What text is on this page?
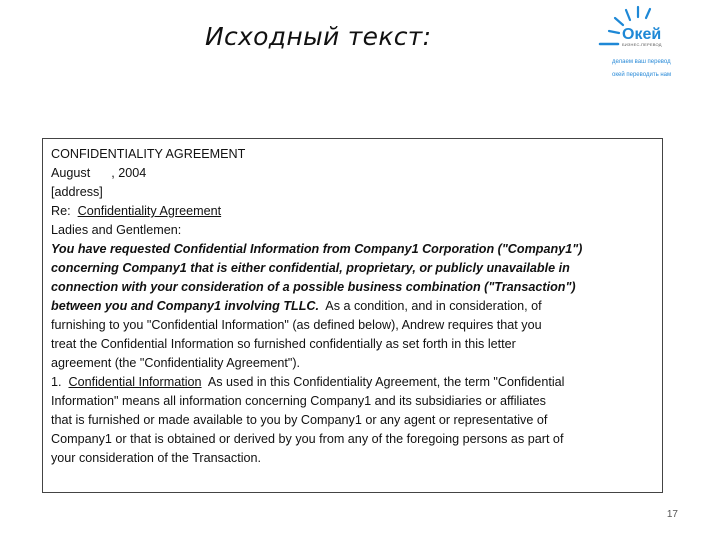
Исходный текст:	Окей
БИЗНЕС-ПЕРЕВОД
делаем ваш перевод
окей переводить нам

CONFIDENTIALITY AGREEMENT

August      , 2004

[address]

Re:  Confidentiality Agreement

Ladies and Gentlemen:

You have requested Confidential Information from Company1 Corporation ("Company1")

concerning Company1 that is either confidential, proprietary, or publicly unavailable in

connection with your consideration of a possible business combination ("Transaction")

between you and Company1 involving TLLC.  As a condition, and in consideration, of

furnishing to you "Confidential Information" (as defined below), Andrew requires that you

treat the Confidential Information so furnished confidentially as set forth in this letter

agreement (the "Confidentiality Agreement").

1.  Confidential Information  As used in this Confidentiality Agreement, the term "Confidential

Information" means all information concerning Company1 and its subsidiaries or affiliates

that is furnished or made available to you by Company1 or any agent or representative of

Company1 or that is obtained or derived by you from any of the foregoing persons as part of

your consideration of the Transaction.

17
